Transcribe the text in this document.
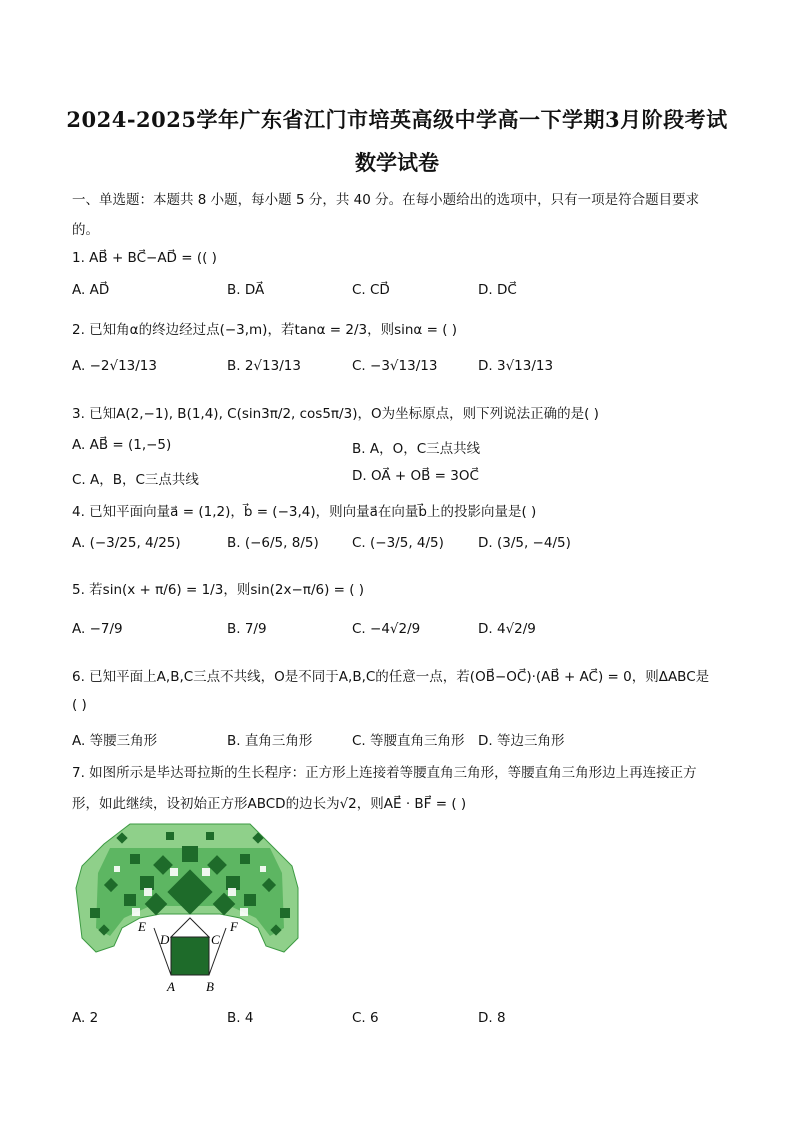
2024-2025学年广东省江门市培英高级中学高一下学期3月阶段考试
数学试卷
一、单选题：本题共 8 小题，每小题 5 分，共 40 分。在每小题给出的选项中，只有一项是符合题目要求
的。
1. AB⃗ + BC⃗−AD⃗ = (( )
A. AD⃗	B. DA⃗	C. CD⃗	D. DC⃗
2. 已知角α的终边经过点(−3,m)，若tanα = 2/3，则sinα = ( )
A. −2√13/13	B. 2√13/13	C. −3√13/13	D. 3√13/13
3. 已知A(2,−1), B(1,4), C(sin3π/2, cos5π/3)，O为坐标原点，则下列说法正确的是( )
A. AB⃗ = (1,−5)	B. A，O，C三点共线
C. A，B，C三点共线	D. OA⃗ + OB⃗ = 3OC⃗
4. 已知平面向量a⃗ = (1,2)，b⃗ = (−3,4)，则向量a⃗在向量b⃗上的投影向量是( )
A. (−3/25, 4/25)	B. (−6/5, 8/5) C. (−3/5, 4/5)	D. (3/5, −4/5)
5. 若sin(x + π/6) = 1/3，则sin(2x−π/6) = ( )
A. −7/9	B. 7/9	C. −4√2/9	D. 4√2/9
6. 已知平面上A,B,C三点不共线，O是不同于A,B,C的任意一点，若(OB⃗−OC⃗)·(AB⃗ + AC⃗) = 0，则ΔABC是
( )
A. 等腰三角形	B. 直角三角形	C. 等腰直角三角形 D. 等边三角形
7. 如图所示是毕达哥拉斯的生长程序：正方形上连接着等腰直角三角形，等腰直角三角形边上再连接正方
形，如此继续，设初始正方形ABCD的边长为√2，则AE⃗ · BF⃗ = ( )
E
D	C
F
A B
A. 2	B. 4	C. 6	D. 8
